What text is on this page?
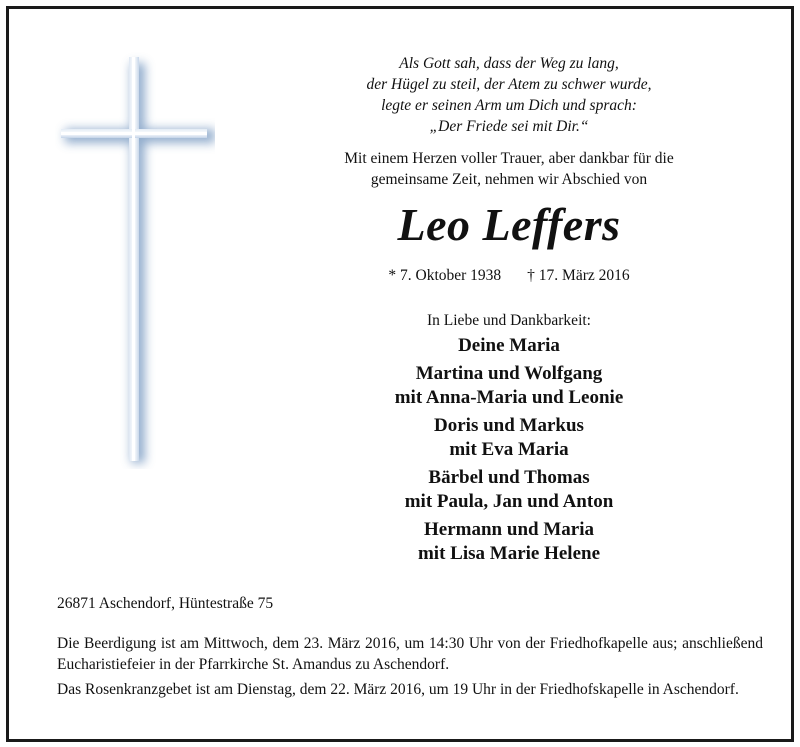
Als Gott sah, dass der Weg zu lang,
der Hügel zu steil, der Atem zu schwer wurde,
legte er seinen Arm um Dich und sprach:
„Der Friede sei mit Dir.“
Mit einem Herzen voller Trauer, aber dankbar für die
gemeinsame Zeit, nehmen wir Abschied von
Leo Leffers
* 7. Oktober 1938 † 17. März 2016
In Liebe und Dankbarkeit:
Deine Maria
Martina und Wolfgang
mit Anna-Maria und Leonie
Doris und Markus
mit Eva Maria
Bärbel und Thomas
mit Paula, Jan und Anton
Hermann und Maria
mit Lisa Marie Helene
26871 Aschendorf, Hüntestraße 75
Die Beerdigung ist am Mittwoch, dem 23. März 2016, um 14:30 Uhr von der Friedhofkapelle aus; anschließend Eucharistiefeier in der Pfarrkirche St. Amandus zu Aschendorf.
Das Rosenkranzgebet ist am Dienstag, dem 22. März 2016, um 19 Uhr in der Friedhofskapelle in Aschendorf.
